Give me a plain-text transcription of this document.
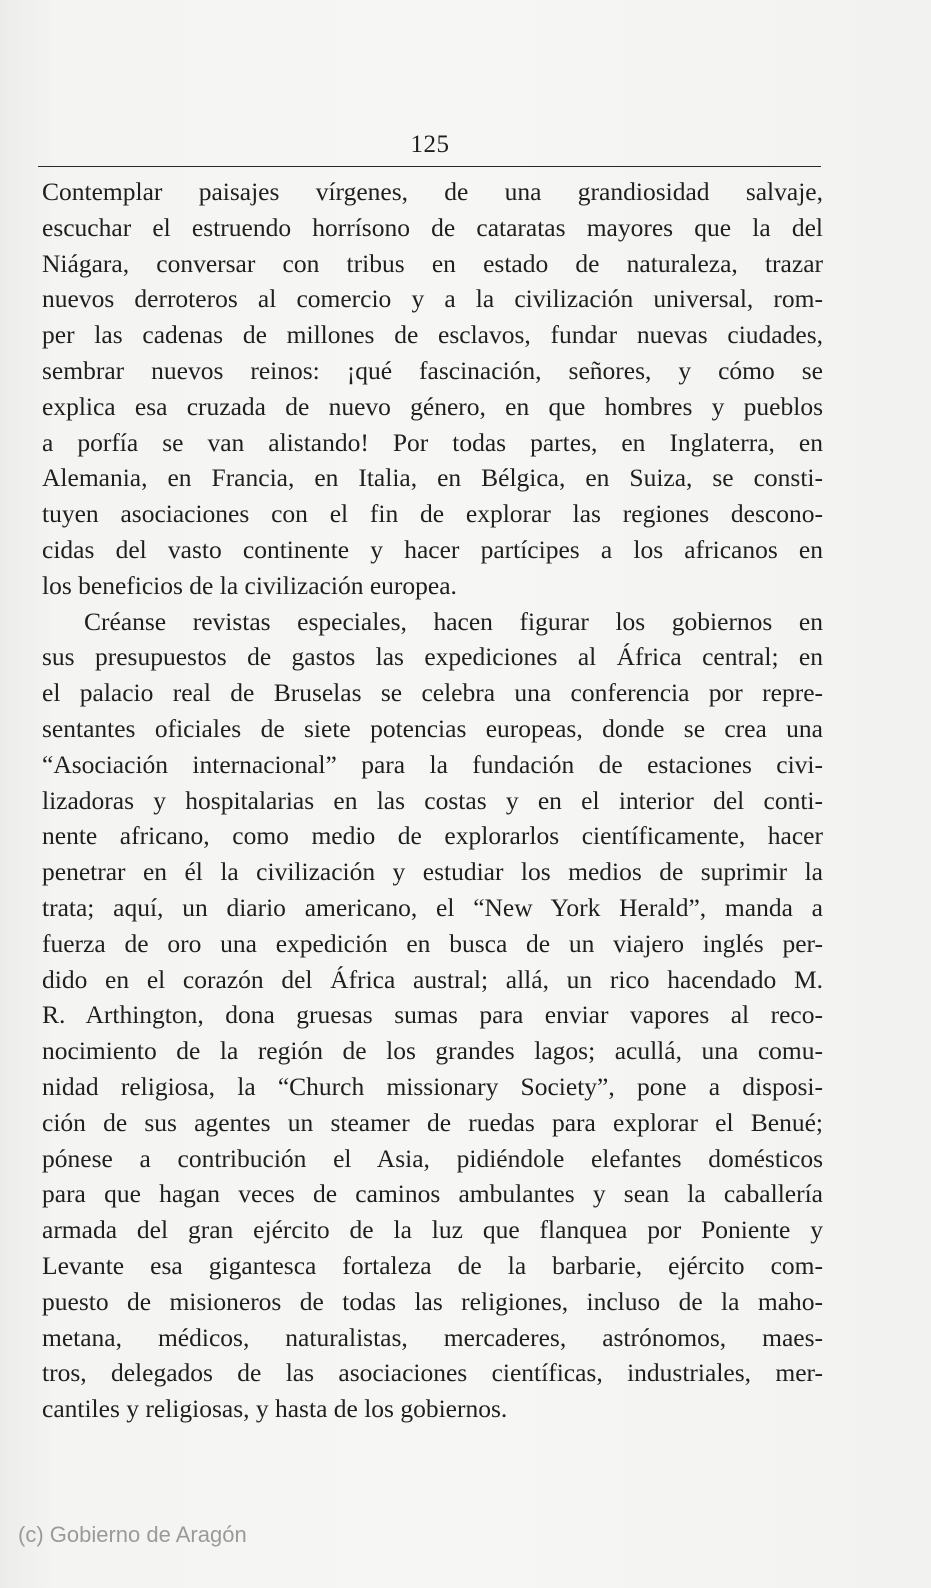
125
Contemplar paisajes vírgenes, de una grandiosidad salvaje,
escuchar el estruendo horrísono de cataratas mayores que la del
Niágara, conversar con tribus en estado de naturaleza, trazar
nuevos derroteros al comercio y a la civilización universal, rom-
per las cadenas de millones de esclavos, fundar nuevas ciudades,
sembrar nuevos reinos: ¡qué fascinación, señores, y cómo se
explica esa cruzada de nuevo género, en que hombres y pueblos
a porfía se van alistando! Por todas partes, en Inglaterra, en
Alemania, en Francia, en Italia, en Bélgica, en Suiza, se consti-
tuyen asociaciones con el fin de explorar las regiones descono-
cidas del vasto continente y hacer partícipes a los africanos en
los beneficios de la civilización europea.
Créanse revistas especiales, hacen figurar los gobiernos en
sus presupuestos de gastos las expediciones al África central; en
el palacio real de Bruselas se celebra una conferencia por repre-
sentantes oficiales de siete potencias europeas, donde se crea una
“Asociación internacional” para la fundación de estaciones civi-
lizadoras y hospitalarias en las costas y en el interior del conti-
nente africano, como medio de explorarlos científicamente, hacer
penetrar en él la civilización y estudiar los medios de suprimir la
trata; aquí, un diario americano, el “New York Herald”, manda a
fuerza de oro una expedición en busca de un viajero inglés per-
dido en el corazón del África austral; allá, un rico hacendado M.
R. Arthington, dona gruesas sumas para enviar vapores al reco-
nocimiento de la región de los grandes lagos; acullá, una comu-
nidad religiosa, la “Church missionary Society”, pone a disposi-
ción de sus agentes un steamer de ruedas para explorar el Benué;
pónese a contribución el Asia, pidiéndole elefantes domésticos
para que hagan veces de caminos ambulantes y sean la caballería
armada del gran ejército de la luz que flanquea por Poniente y
Levante esa gigantesca fortaleza de la barbarie, ejército com-
puesto de misioneros de todas las religiones, incluso de la maho-
metana, médicos, naturalistas, mercaderes, astrónomos, maes-
tros, delegados de las asociaciones científicas, industriales, mer-
cantiles y religiosas, y hasta de los gobiernos.
(c) Gobierno de Aragón
